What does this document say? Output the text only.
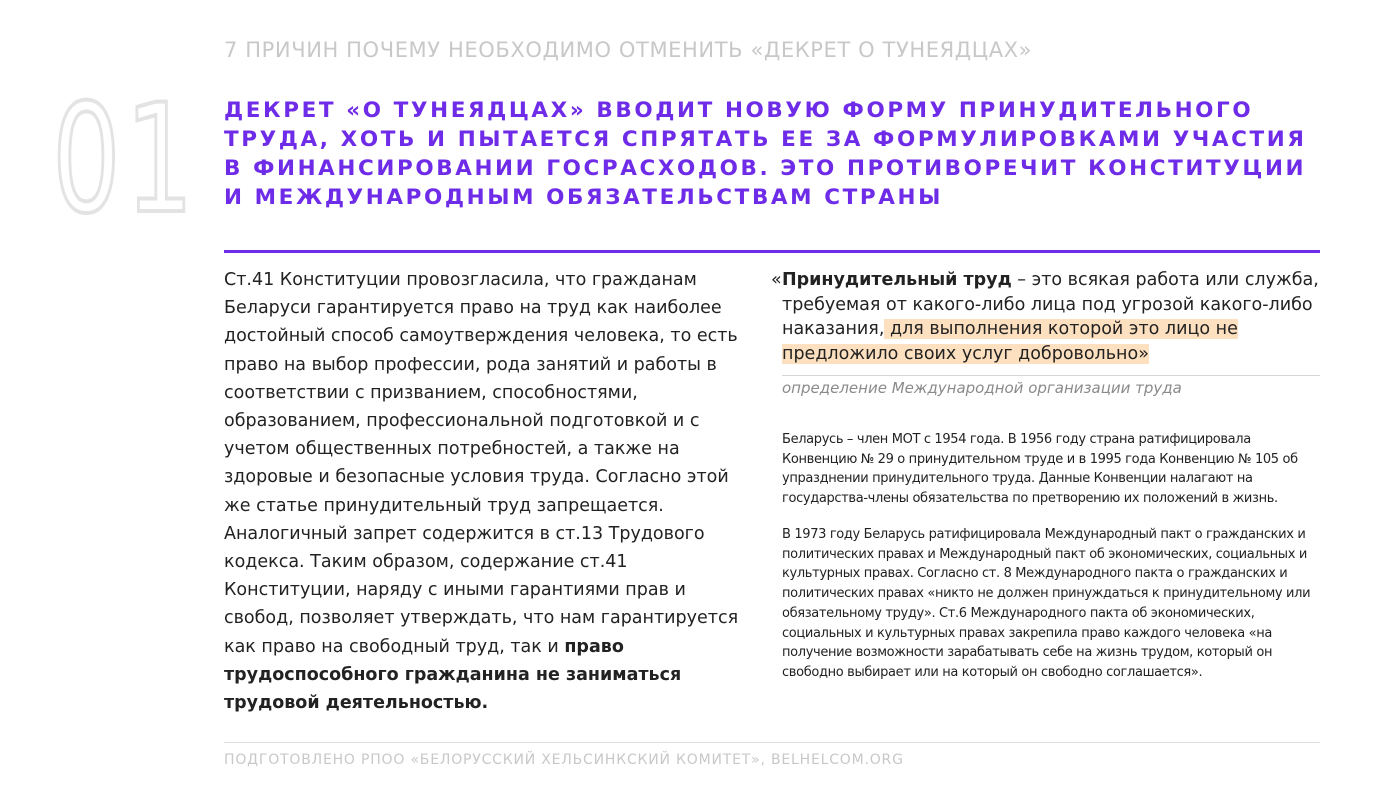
7 ПРИЧИН ПОЧЕМУ НЕОБХОДИМО ОТМЕНИТЬ «ДЕКРЕТ О ТУНЕЯДЦАХ»
01 ДЕКРЕТ «О ТУНЕЯДЦАХ» ВВОДИТ НОВУЮ ФОРМУ ПРИНУДИТЕЛЬНОГО ТРУДА, ХОТЬ И ПЫТАЕТСЯ СПРЯТАТЬ ЕЕ ЗА ФОРМУЛИРОВКАМИ УЧАСТИЯ В ФИНАНСИРОВАНИИ ГОСРАСХОДОВ. ЭТО ПРОТИВОРЕЧИТ КОНСТИТУЦИИ И МЕЖДУНАРОДНЫМ ОБЯЗАТЕЛЬСТВАМ СТРАНЫ
Ст.41 Конституции провозгласила, что гражданам Беларуси гарантируется право на труд как наиболее достойный способ самоутверждения человека, то есть право на выбор профессии, рода занятий и работы в соответствии с призванием, способностями, образованием, профессиональной подготовкой и с учетом общественных потребностей, а также на здоровые и безопасные условия труда. Согласно этой же статье принудительный труд запрещается. Аналогичный запрет содержится в ст.13 Трудового кодекса. Таким образом, содержание ст.41 Конституции, наряду с иными гарантиями прав и свобод, позволяет утверждать, что нам гарантируется как право на свободный труд, так и право трудоспособного гражданина не заниматься трудовой деятельностью.
« Принудительный труд – это всякая работа или служба, требуемая от какого-либо лица под угрозой какого-либо наказания, для выполнения которой это лицо не предложило своих услуг добровольно»
определение Международной организации труда

Беларусь – член МОТ с 1954 года. В 1956 году страна ратифицировала Конвенцию № 29 о принудительном труде и в 1995 года Конвенцию № 105 об упразднении принудительного труда. Данные Конвенции налагают на государства-члены обязательства по претворению их положений в жизнь.

В 1973 году Беларусь ратифицировала Международный пакт о гражданских и политических правах и Международный пакт об экономических, социальных и культурных правах. Согласно ст. 8 Международного пакта о гражданских и политических правах «никто не должен принуждаться к принудительному или обязательному труду». Ст.6 Международного пакта об экономических, социальных и культурных правах закрепила право каждого человека «на получение возможности зарабатывать себе на жизнь трудом, который он свободно выбирает или на который он свободно соглашается».

ПОДГОТОВЛЕНО РПОО «БЕЛОРУССКИЙ ХЕЛЬСИНКСКИЙ КОМИТЕТ», BELHELCOM.ORG
